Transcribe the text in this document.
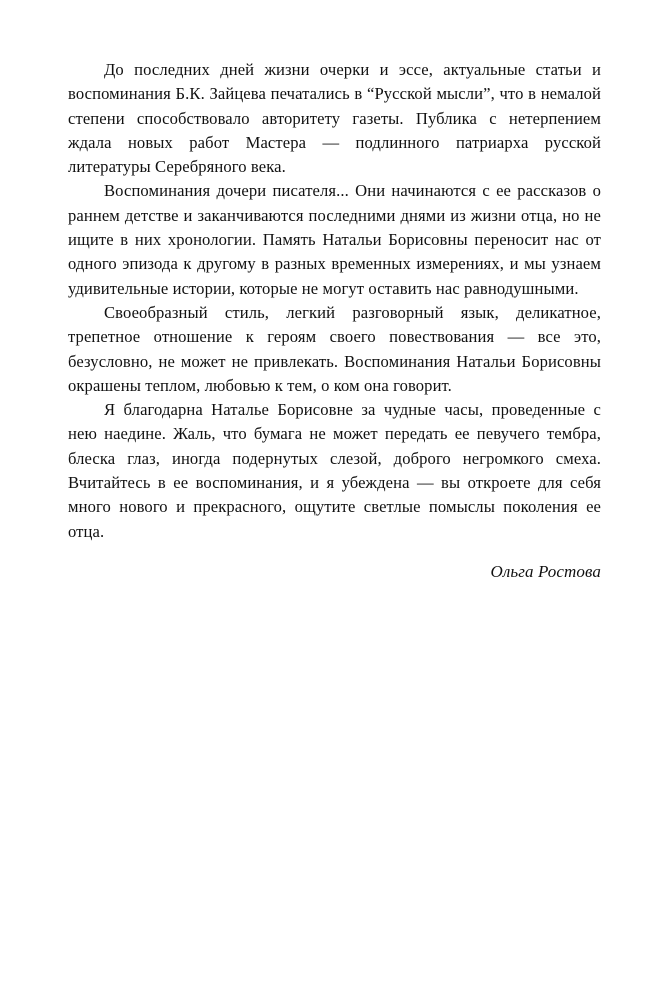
До последних дней жизни очерки и эссе, актуальные статьи и воспоминания Б.К. Зайцева печатались в “Русской мысли”, что в немалой степени способствовало авторитету газеты. Публика с нетерпением ждала новых работ Мастера — подлинного патриарха русской литературы Серебряного века.

Воспоминания дочери писателя... Они начинаются с ее рассказов о раннем детстве и заканчиваются последними днями из жизни отца, но не ищите в них хронологии. Память Натальи Борисовны переносит нас от одного эпизода к другому в разных временных измерениях, и мы узнаем удивительные истории, которые не могут оставить нас равнодушными.

Своеобразный стиль, легкий разговорный язык, деликатное, трепетное отношение к героям своего повествования — все это, безусловно, не может не привлекать. Воспоминания Натальи Борисовны окрашены теплом, любовью к тем, о ком она говорит.

Я благодарна Наталье Борисовне за чудные часы, проведенные с нею наедине. Жаль, что бумага не может передать ее певучего тембра, блеска глаз, иногда подернутых слезой, доброго негромкого смеха. Вчитайтесь в ее воспоминания, и я убеждена — вы откроете для себя много нового и прекрасного, ощутите светлые помыслы поколения ее отца.

Ольга Ростова
